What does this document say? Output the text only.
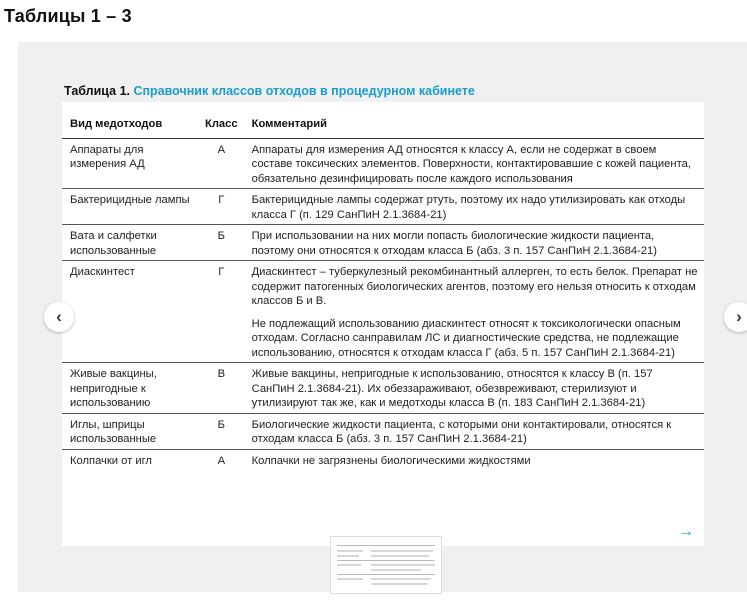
Таблицы 1 – 3
Таблица 1. Справочник классов отходов в процедурном кабинете
Вид медотходов	Класс	Комментарий
Аппараты для измерения АД	А	Аппараты для измерения АД относятся к классу А, если не содержат в своем составе токсических элементов. Поверхности, контактировавшие с кожей пациента, обязательно дезинфицировать после каждого использования

Бактерицидные лампы	Г	Бактерицидные лампы содержат ртуть, поэтому их надо утилизировать как отходы класса Г (п. 129 СанПиН 2.1.3684-21)

Вата и салфетки использованные	Б	При использовании на них могли попасть биологические жидкости пациента, поэтому они относятся к отходам класса Б (абз. 3 п. 157 СанПиН 2.1.3684-21)

Диаскинтест	Г	Диаскинтест – туберкулезный рекомбинантный аллерген, то есть белок. Препарат не содержит патогенных биологических агентов, поэтому его нельзя относить к отходам классов Б и В.

Не подлежащий использованию диаскинтест относят к токсикологически опасным отходам. Согласно санправилам ЛС и диагностические средства, не подлежащие использованию, относятся к отходам класса Г (абз. 5 п. 157 СанПиН 2.1.3684-21)

Живые вакцины, непригодные к использованию	В	Живые вакцины, непригодные к использованию, относятся к классу В (п. 157 СанПиН 2.1.3684-21). Их обеззараживают, обезвреживают, стерилизуют и утилизируют так же, как и медотходы класса В (п. 183 СанПиН 2.1.3684-21)

Иглы, шприцы использованные	Б	Биологические жидкости пациента, с которыми они контактировали, относятся к отходам класса Б (абз. 3 п. 157 СанПиН 2.1.3684-21)

Колпачки от игл	А	Колпачки не загрязнены биологическими жидкостями

→
‹	›
